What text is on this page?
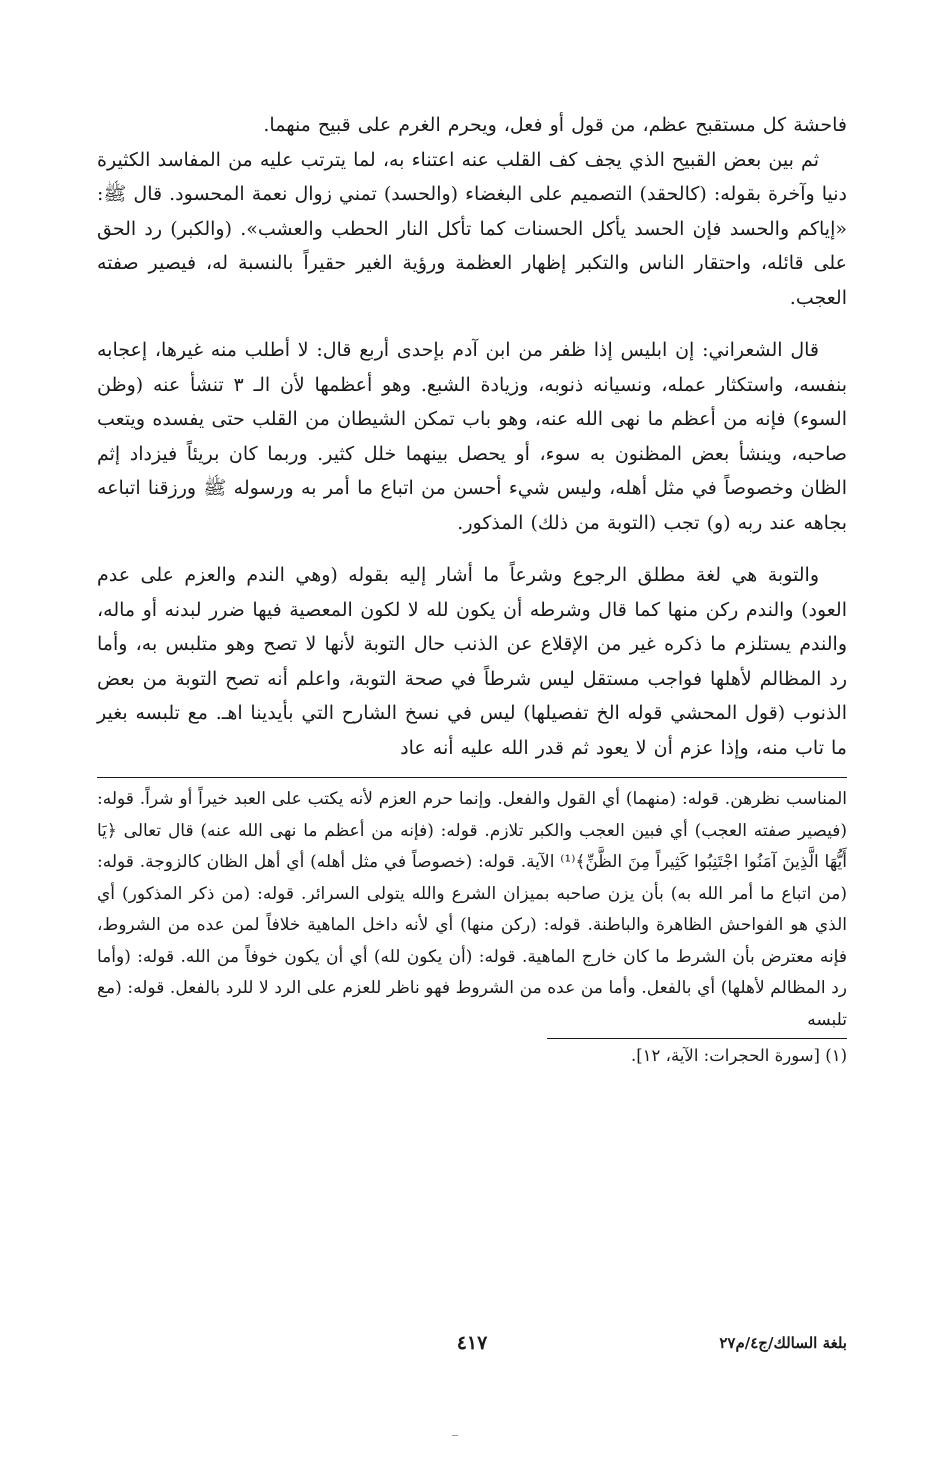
فاحشة كل مستقبح عظم، من قول أو فعل، ويحرم الغرم على قبيح منهما.

ثم بين بعض القبيح الذي يجف كف القلب عنه اعتناء به، لما يترتب عليه من المفاسد الكثيرة دنيا وآخرة بقوله: (كالحقد) التصميم على البغضاء (والحسد) تمني زوال نعمة المحسود. قال ﷺ: «إياكم والحسد فإن الحسد يأكل الحسنات كما تأكل النار الحطب والعشب». (والكبر) رد الحق على قائله، واحتقار الناس والتكبر إظهار العظمة ورؤية الغير حقيراً بالنسبة له، فيصير صفته العجب.

قال الشعراني: إن ابليس إذا ظفر من ابن آدم بإحدى أربع قال: لا أطلب منه غيرها، إعجابه بنفسه، واستكثار عمله، ونسيانه ذنوبه، وزيادة الشبع. وهو أعظمها لأن الـ ٣ تنشأ عنه (وظن السوء) فإنه من أعظم ما نهى الله عنه، وهو باب تمكن الشيطان من القلب حتى يفسده ويتعب صاحبه، وينشأ بعض المظنون به سوء، أو يحصل بينهما خلل كثير. وربما كان بريئاً فيزداد إثم الظان وخصوصاً في مثل أهله، وليس شيء أحسن من اتباع ما أمر به ورسوله ﷺ ورزقنا اتباعه بجاهه عند ربه (و) تجب (التوبة من ذلك) المذكور.

والتوبة هي لغة مطلق الرجوع وشرعاً ما أشار إليه بقوله (وهي الندم والعزم على عدم العود) والندم ركن منها كما قال وشرطه أن يكون لله لا لكون المعصية فيها ضرر لبدنه أو ماله، والندم يستلزم ما ذكره غير من الإقلاع عن الذنب حال التوبة لأنها لا تصح وهو متلبس به، وأما رد المظالم لأهلها فواجب مستقل ليس شرطاً في صحة التوبة، واعلم أنه تصح التوبة من بعض الذنوب (قول المحشي قوله الخ تفصيلها) ليس في نسخ الشارح التي بأيدينا اهـ. مع تلبسه بغير ما تاب منه، وإذا عزم أن لا يعود ثم قدر الله عليه أنه عاد

المناسب نظرهن. قوله: (منهما) أي القول والفعل. وإنما حرم العزم لأنه يكتب على العبد خيراً أو شراً. قوله: (فيصير صفته العجب) أي فبين العجب والكبر تلازم. قوله: (فإنه من أعظم ما نهى الله عنه) قال تعالى ﴿يَا أَيُّهَا الَّذِينَ آمَنُوا اجْتَنِبُوا كَثِيراً مِنَ الظَّنِّ﴾⁽¹⁾ الآية. قوله: (خصوصاً في مثل أهله) أي أهل الظان كالزوجة. قوله: (من اتباع ما أمر الله به) بأن يزن صاحبه بميزان الشرع والله يتولى السرائر. قوله: (من ذكر المذكور) أي الذي هو الفواحش الظاهرة والباطنة. قوله: (ركن منها) أي لأنه داخل الماهية خلافاً لمن عده من الشروط، فإنه معترض بأن الشرط ما كان خارج الماهية. قوله: (أن يكون لله) أي أن يكون خوفاً من الله. قوله: (وأما رد المظالم لأهلها) أي بالفعل. وأما من عده من الشروط فهو ناظر للعزم على الرد لا للرد بالفعل. قوله: (مع تلبسه

(١) [سورة الحجرات: الآية، ١٢].

بلغة السالك/ج٤/م٢٧
٤١٧
